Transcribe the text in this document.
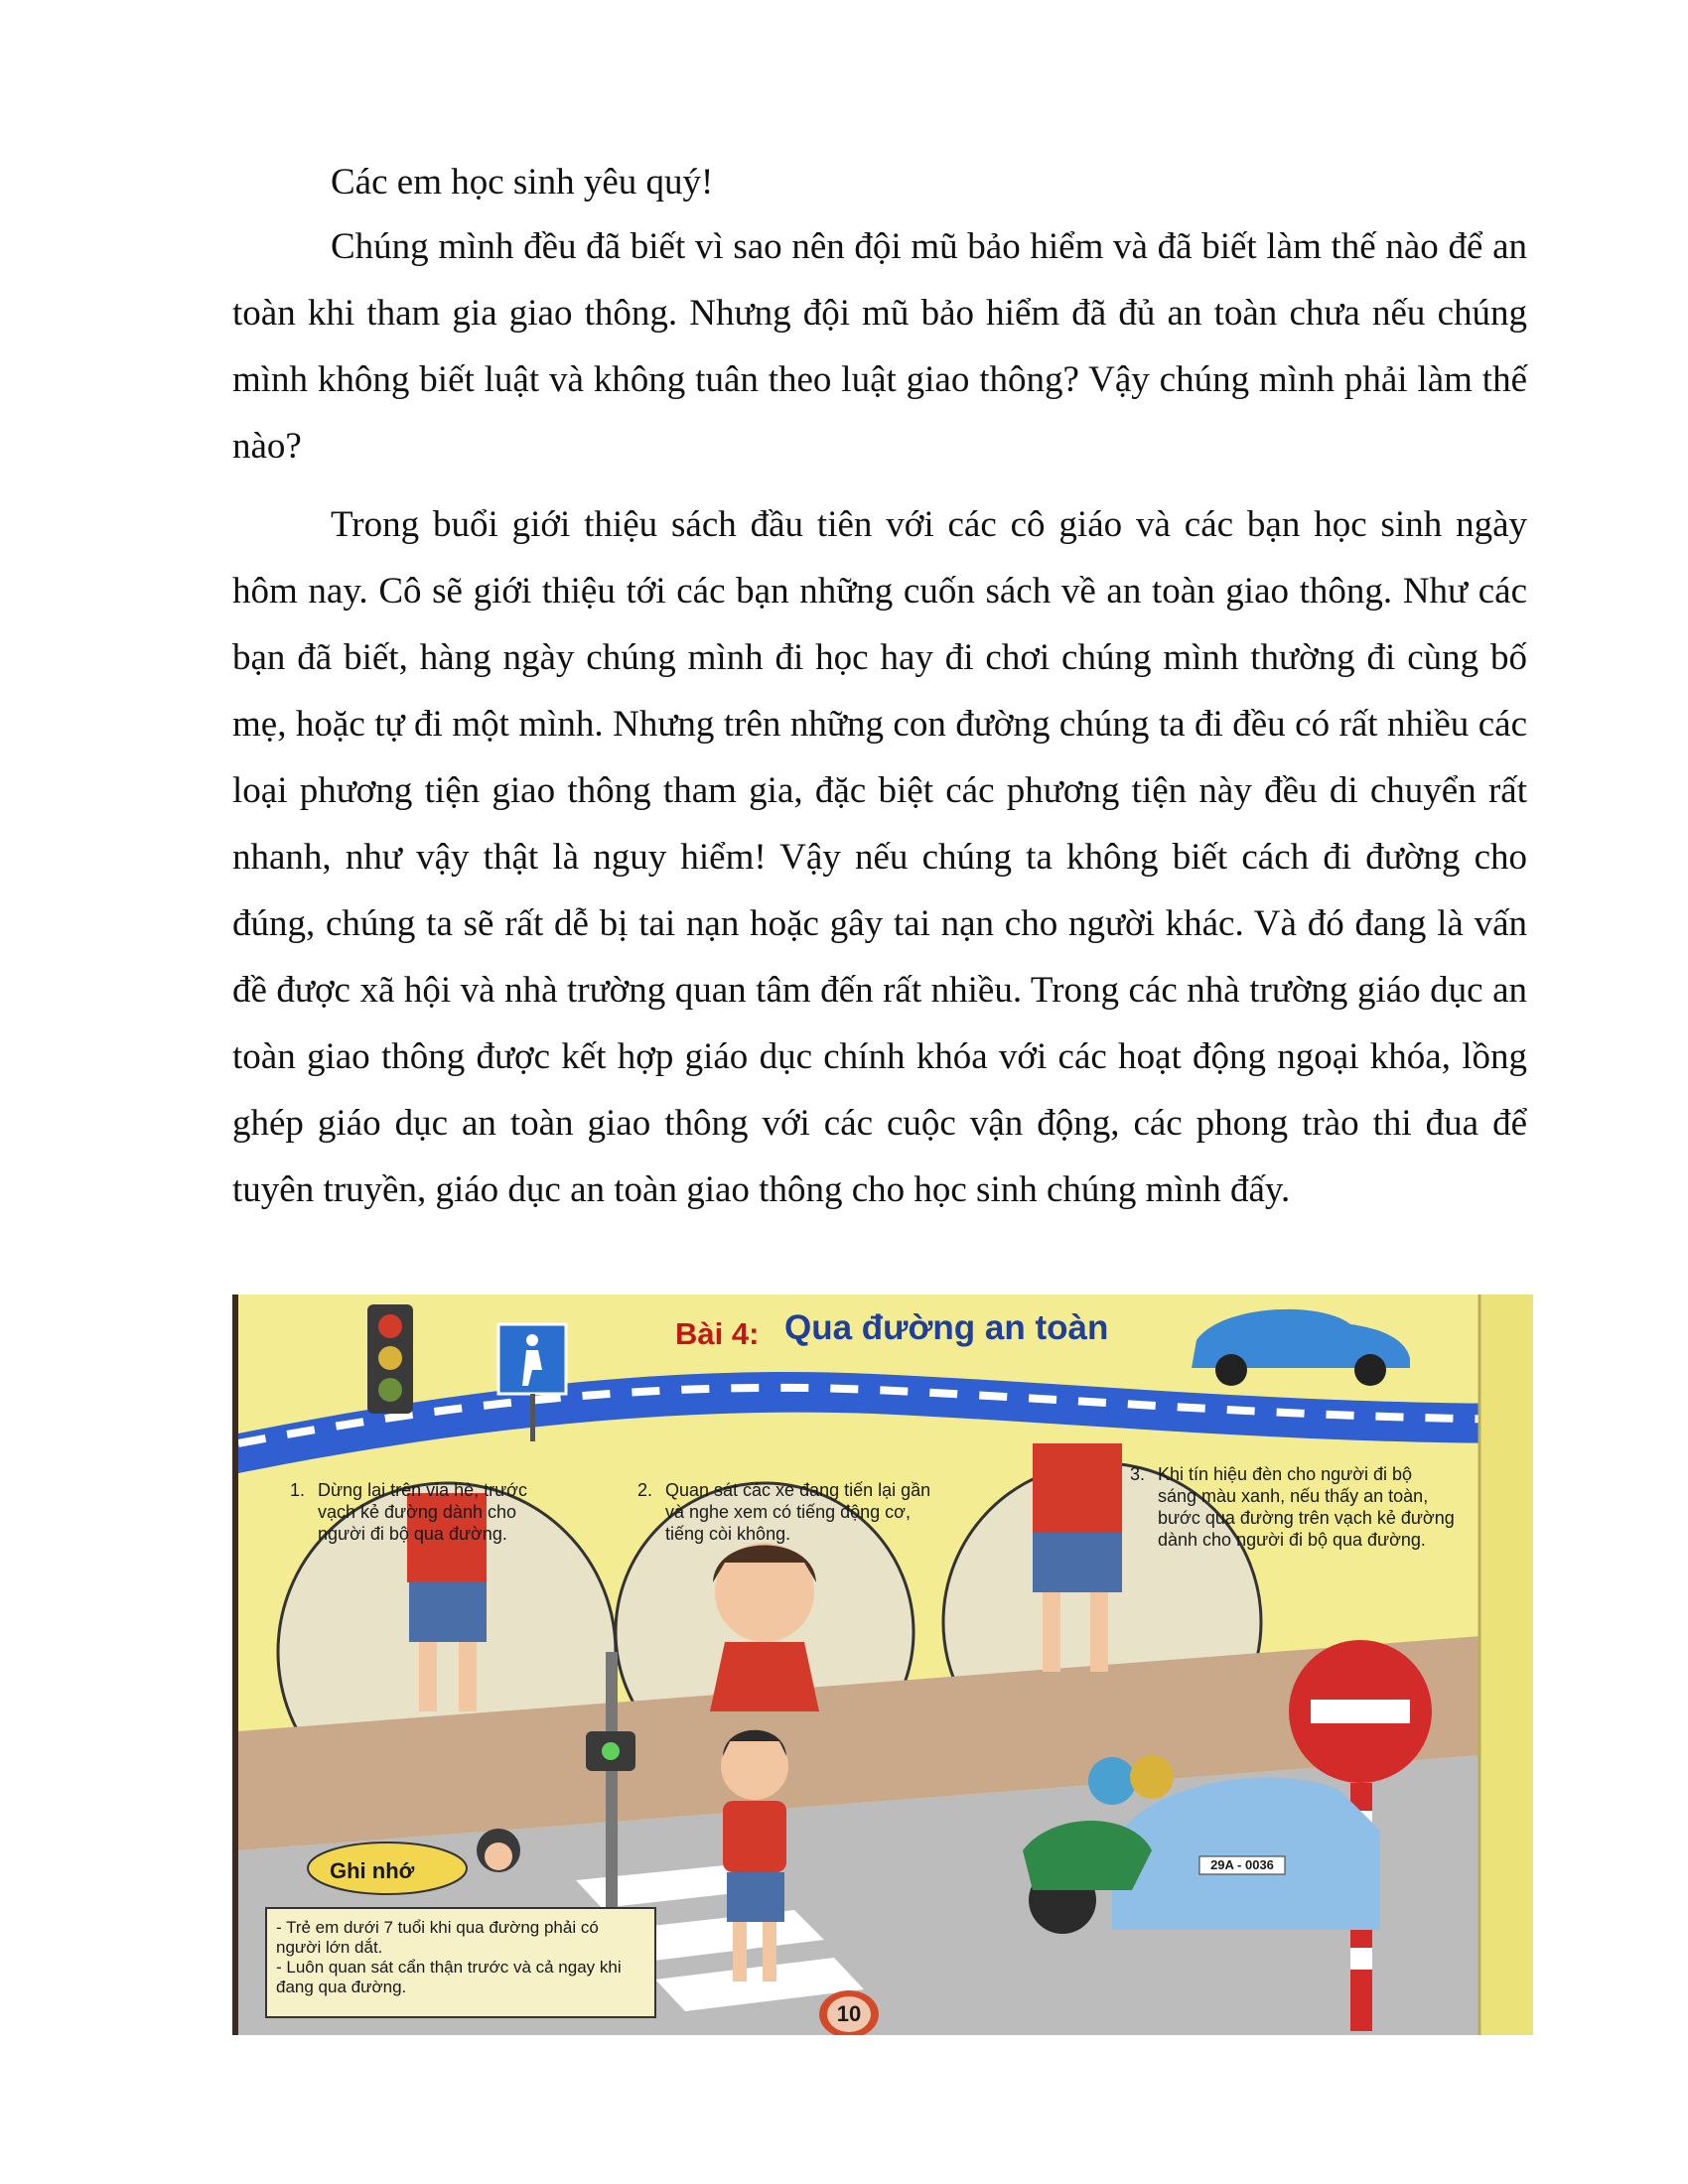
Các em học sinh yêu quý!

Chúng mình đều đã biết vì sao nên đội mũ bảo hiểm và đã biết làm thế nào để an toàn khi tham gia giao thông. Nhưng đội mũ bảo hiểm đã đủ an toàn chưa nếu chúng mình không biết luật và không tuân theo luật giao thông? Vậy chúng mình phải làm thế nào?

Trong buổi giới thiệu sách đầu tiên với các cô giáo và các bạn học sinh ngày hôm nay. Cô sẽ giới thiệu tới các bạn những cuốn sách về an toàn giao thông. Như các bạn đã biết, hàng ngày chúng mình đi học hay đi chơi chúng mình thường đi cùng bố mẹ, hoặc tự đi một mình. Nhưng trên những con đường chúng ta đi đều có rất nhiều các loại phương tiện giao thông tham gia, đặc biệt các phương tiện này đều di chuyển rất nhanh, như vậy thật là nguy hiểm! Vậy nếu chúng ta không biết cách đi đường cho đúng, chúng ta sẽ rất dễ bị tai nạn hoặc gây tai nạn cho người khác. Và đó đang là vấn đề được xã hội và nhà trường quan tâm đến rất nhiều. Trong các nhà trường giáo dục an toàn giao thông được kết hợp giáo dục chính khóa với các hoạt động ngoại khóa, lồng ghép giáo dục an toàn giao thông với các cuộc vận động, các phong trào thi đua để tuyên truyền, giáo dục an toàn giao thông cho học sinh chúng mình đấy.

Bài 4: Qua đường an toàn
1. Dừng lại trên vỉa hè, trước vạch kẻ đường dành cho người đi bộ qua đường.
2. Quan sát các xe đang tiến lại gần và nghe xem có tiếng động cơ, tiếng còi không.
3. Khi tín hiệu đèn cho người đi bộ sáng màu xanh, nếu thấy an toàn, bước qua đường trên vạch kẻ đường dành cho người đi bộ qua đường.
Ghi nhớ
- Trẻ em dưới 7 tuổi khi qua đường phải có người lớn dắt.
- Luôn quan sát cẩn thận trước và cả ngay khi đang qua đường.
29A - 0036
10
